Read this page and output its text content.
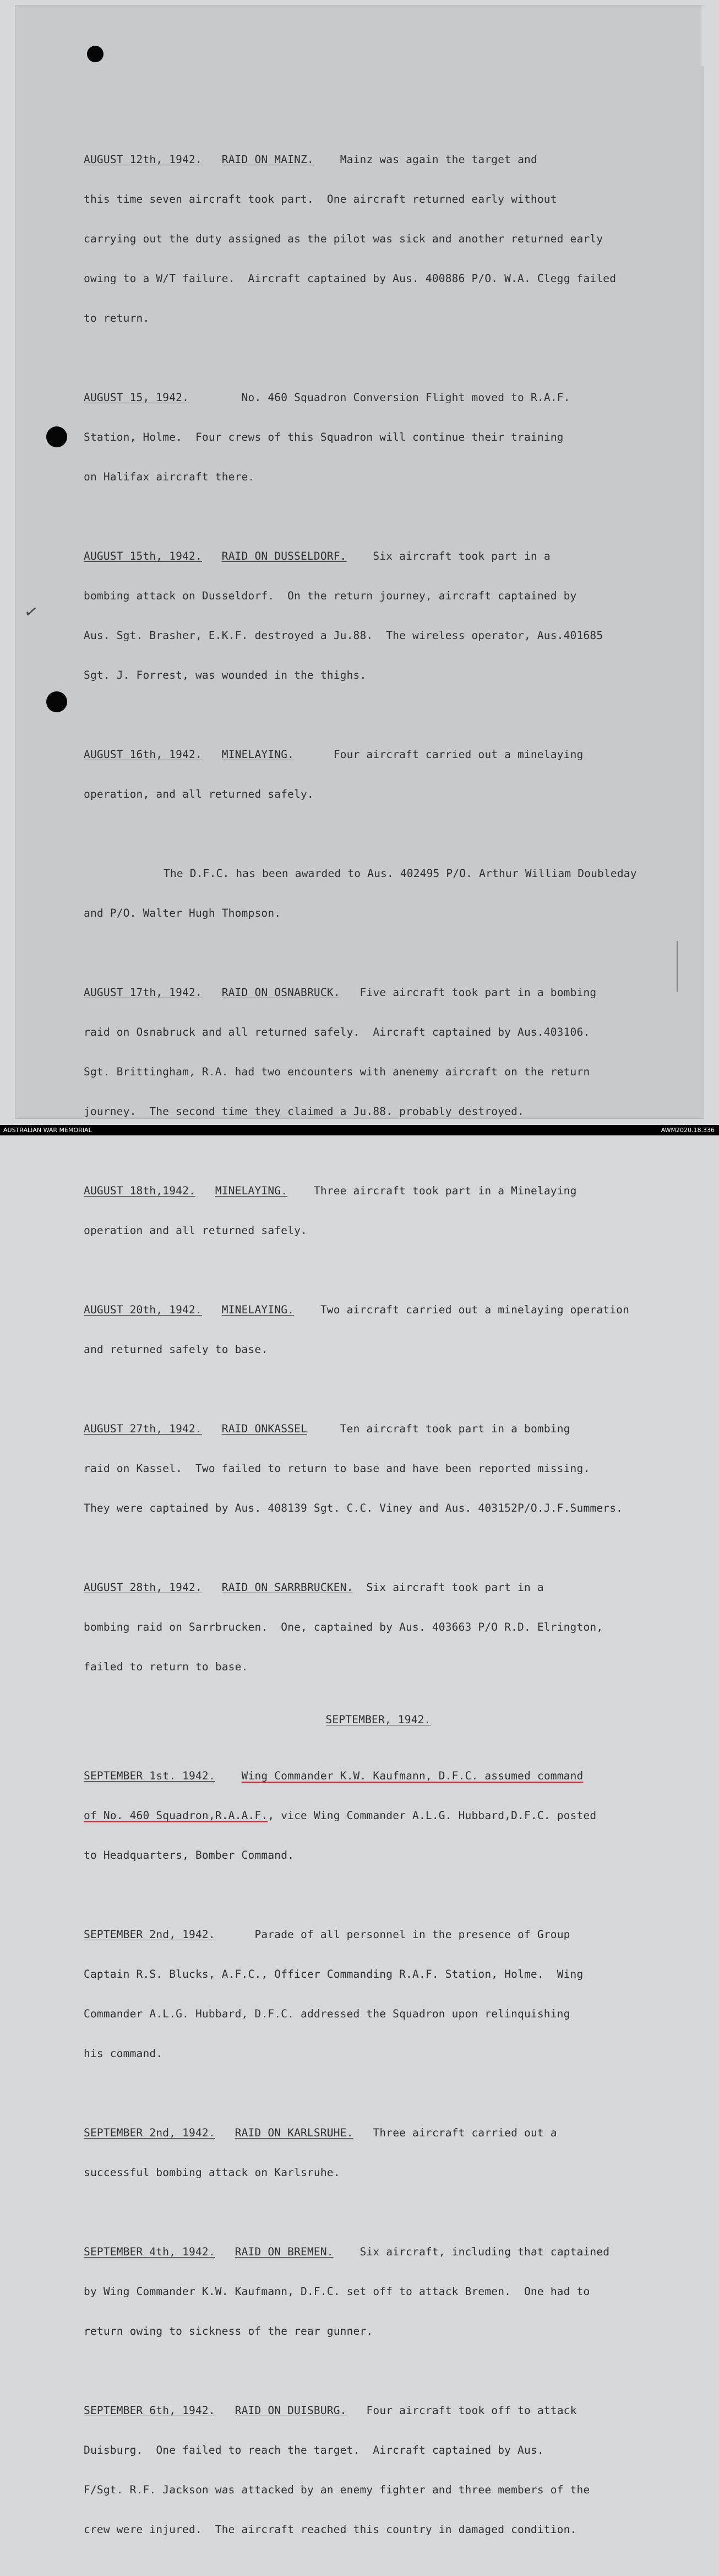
✓

AUGUST 12th, 1942. RAID ON MAINZ. Mainz was again the target and

this time seven aircraft took part.  One aircraft returned early without

carrying out the duty assigned as the pilot was sick and another returned early

owing to a W/T failure.  Aircraft captained by Aus. 400886 P/O. W.A. Clegg failed

to return.

AUGUST 15, 1942.	No. 460 Squadron Conversion Flight moved to R.A.F.

Station, Holme.  Four crews of this Squadron will continue their training

on Halifax aircraft there.

AUGUST 15th, 1942. RAID ON DUSSELDORF. Six aircraft took part in a

bombing attack on Dusseldorf.  On the return journey, aircraft captained by

Aus. Sgt. Brasher, E.K.F. destroyed a Ju.88.  The wireless operator, Aus.401685

Sgt. J. Forrest, was wounded in the thighs.

AUGUST 16th, 1942. MINELAYING.	Four aircraft carried out a minelaying

operation, and all returned safely.

The D.F.C. has been awarded to Aus. 402495 P/O. Arthur William Doubleday

and P/O. Walter Hugh Thompson.

AUGUST 17th, 1942. RAID ON OSNABRUCK. Five aircraft took part in a bombing

raid on Osnabruck and all returned safely.  Aircraft captained by Aus.403106.

Sgt. Brittingham, R.A. had two encounters with anenemy aircraft on the return

journey.  The second time they claimed a Ju.88. probably destroyed.

AUGUST 18th,1942. MINELAYING. Three aircraft took part in a Minelaying

operation and all returned safely.

AUGUST 20th, 1942. MINELAYING. Two aircraft carried out a minelaying operation

and returned safely to base.

AUGUST 27th, 1942. RAID ONKASSEL	Ten aircraft took part in a bombing

raid on Kassel.  Two failed to return to base and have been reported missing.

They were captained by Aus. 408139 Sgt. C.C. Viney and Aus. 403152P/O.J.F.Summers.

AUGUST 28th, 1942. RAID ON SARRBRUCKEN. Six aircraft took part in a

bombing raid on Sarrbrucken.  One, captained by Aus. 403663 P/O R.D. Elrington,

failed to return to base.

SEPTEMBER, 1942.

SEPTEMBER 1st. 1942. Wing Commander K.W. Kaufmann, D.F.C. assumed command

of No. 460 Squadron,R.A.A.F., vice Wing Commander A.L.G. Hubbard,D.F.C. posted

to Headquarters, Bomber Command.

SEPTEMBER 2nd, 1942.	Parade of all personnel in the presence of Group

Captain R.S. Blucks, A.F.C., Officer Commanding R.A.F. Station, Holme.  Wing

Commander A.L.G. Hubbard, D.F.C. addressed the Squadron upon relinquishing

his command.

SEPTEMBER 2nd, 1942. RAID ON KARLSRUHE. Three aircraft carried out a

successful bombing attack on Karlsruhe.

SEPTEMBER 4th, 1942. RAID ON BREMEN. Six aircraft, including that captained

by Wing Commander K.W. Kaufmann, D.F.C. set off to attack Bremen.  One had to

return owing to sickness of the rear gunner.

SEPTEMBER 6th, 1942. RAID ON DUISBURG. Four aircraft took off to attack

Duisburg.  One failed to reach the target.  Aircraft captained by Aus.

F/Sgt. R.F. Jackson was attacked by an enemy fighter and three members of the

crew were injured.  The aircraft reached this country in damaged condition.

AUSTRALIAN WAR MEMORIAL	AWM2020.18.336
